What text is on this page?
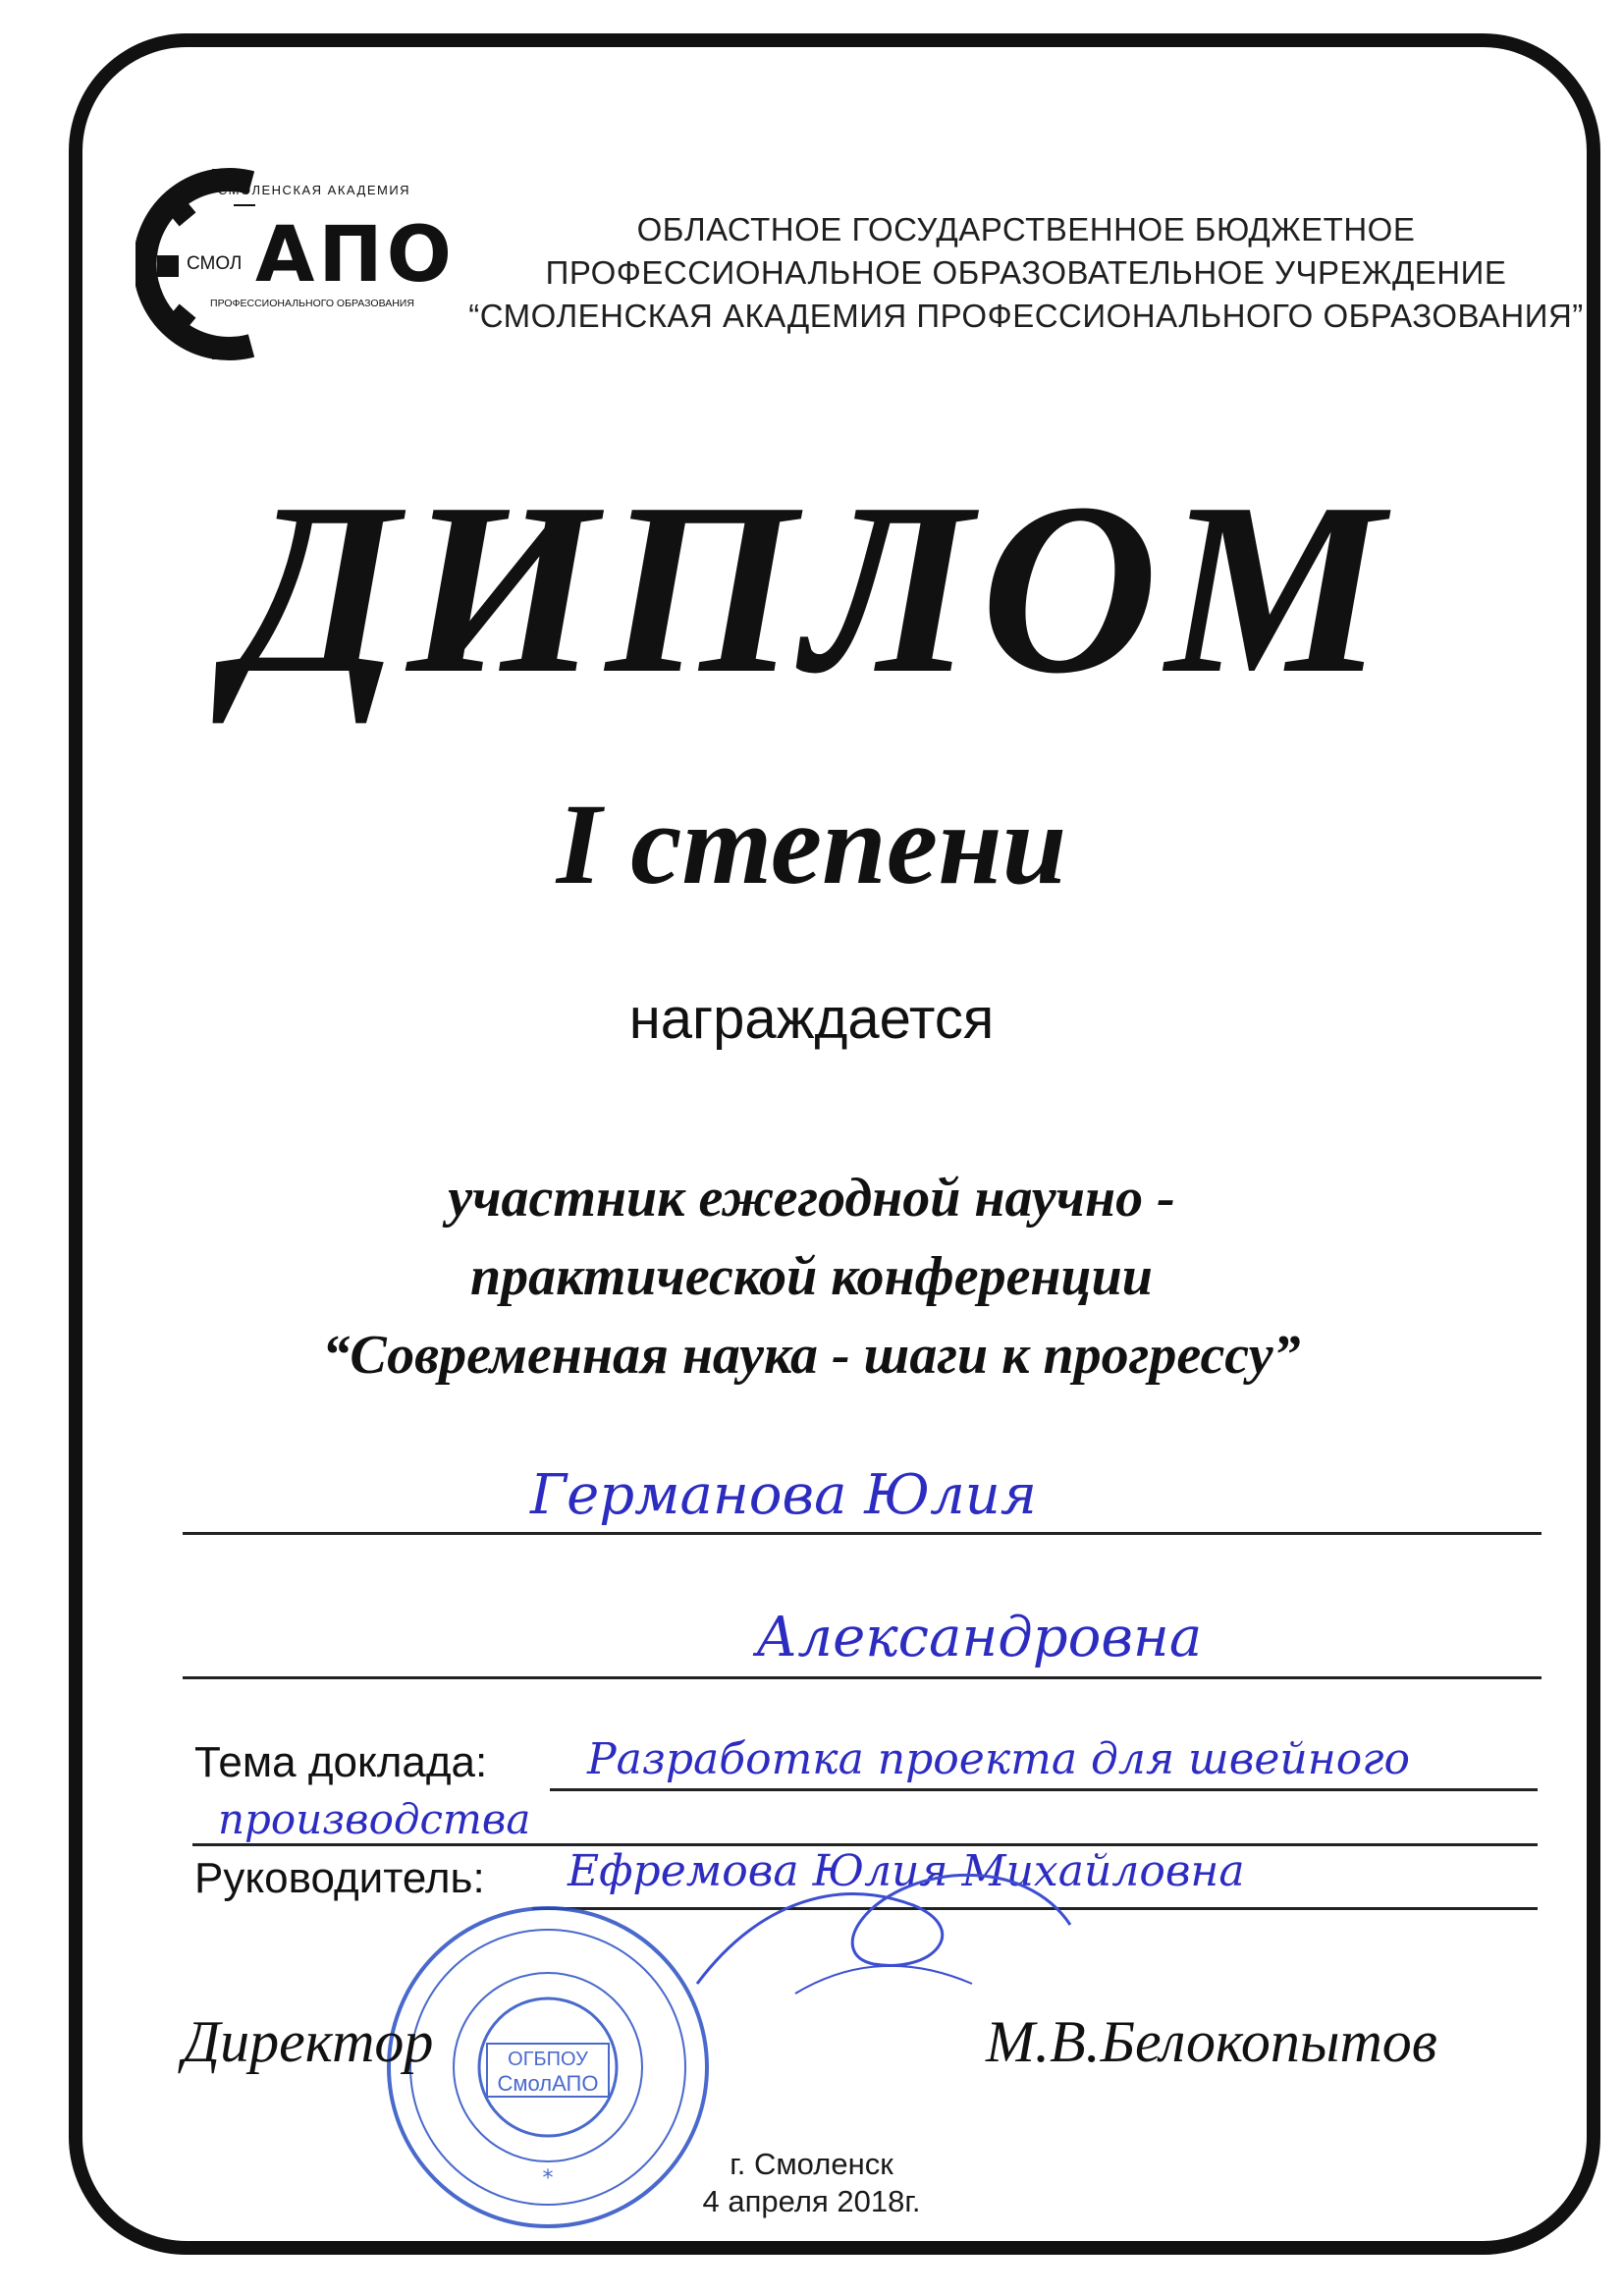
СМОЛЕНСКАЯ АКАДЕМИЯ
СМОЛ АПО
ПРОФЕССИОНАЛЬНОГО ОБРАЗОВАНИЯ
ОБЛАСТНОЕ ГОСУДАРСТВЕННОЕ БЮДЖЕТНОЕ
ПРОФЕССИОНАЛЬНОЕ ОБРАЗОВАТЕЛЬНОЕ УЧРЕЖДЕНИЕ
“СМОЛЕНСКАЯ АКАДЕМИЯ ПРОФЕССИОНАЛЬНОГО ОБРАЗОВАНИЯ”
ДИПЛОМ
I степени
награждается
участник ежегодной научно -
практической конференции
“Современная наука - шаги к прогрессу”
Германова Юлия
Александровна
Тема доклада: Разработка проекта для швейного
производства
Руководитель: Ефремова Юлия Михайловна
ОГБПОУ
СмолАПО
*
Директор	М.В.Белокопытов
г. Смоленск
4 апреля 2018г.
